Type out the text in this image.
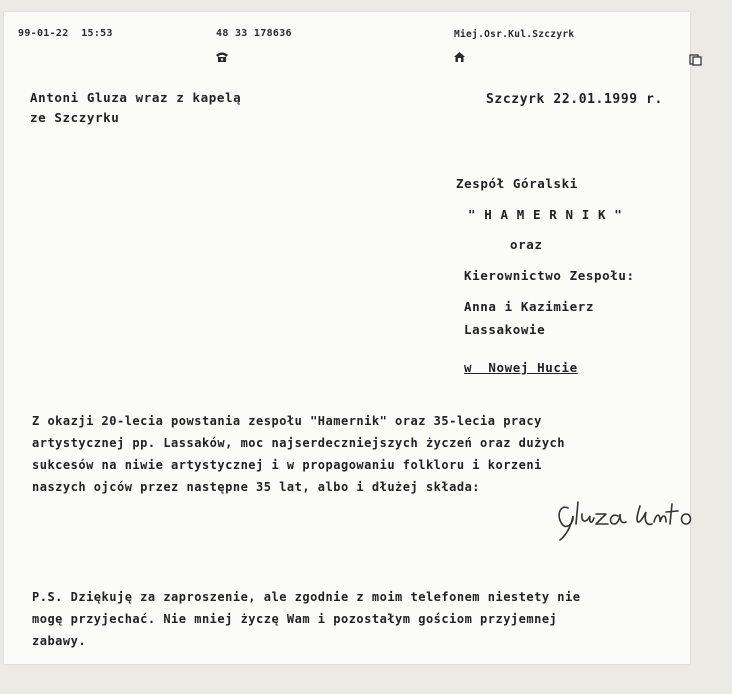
99-01-22  15:53

	48 33 178636

	Miej.Osr.Kul.Szczyrk

Antoni Gluza wraz z kapelą
ze Szczyrku
Szczyrk 22.01.1999 r.
Zespół Góralski
" H A M E R N I K "
oraz
Kierownictwo Zespołu:
Anna i Kazimierz
Lassakowie
w  Nowej Hucie
Z okazji 20-lecia powstania zespołu "Hamernik" oraz 35-lecia pracy
artystycznej pp. Lassaków, moc najserdeczniejszych życzeń oraz dużych
sukcesów na niwie artystycznej i w propagowaniu folkloru i korzeni
naszych ojców przez następne 35 lat, albo i dłużej składa:
P.S. Dziękuję za zaproszenie, ale zgodnie z moim telefonem niestety nie
mogę przyjechać. Nie mniej życzę Wam i pozostałym gościom przyjemnej
zabawy.
